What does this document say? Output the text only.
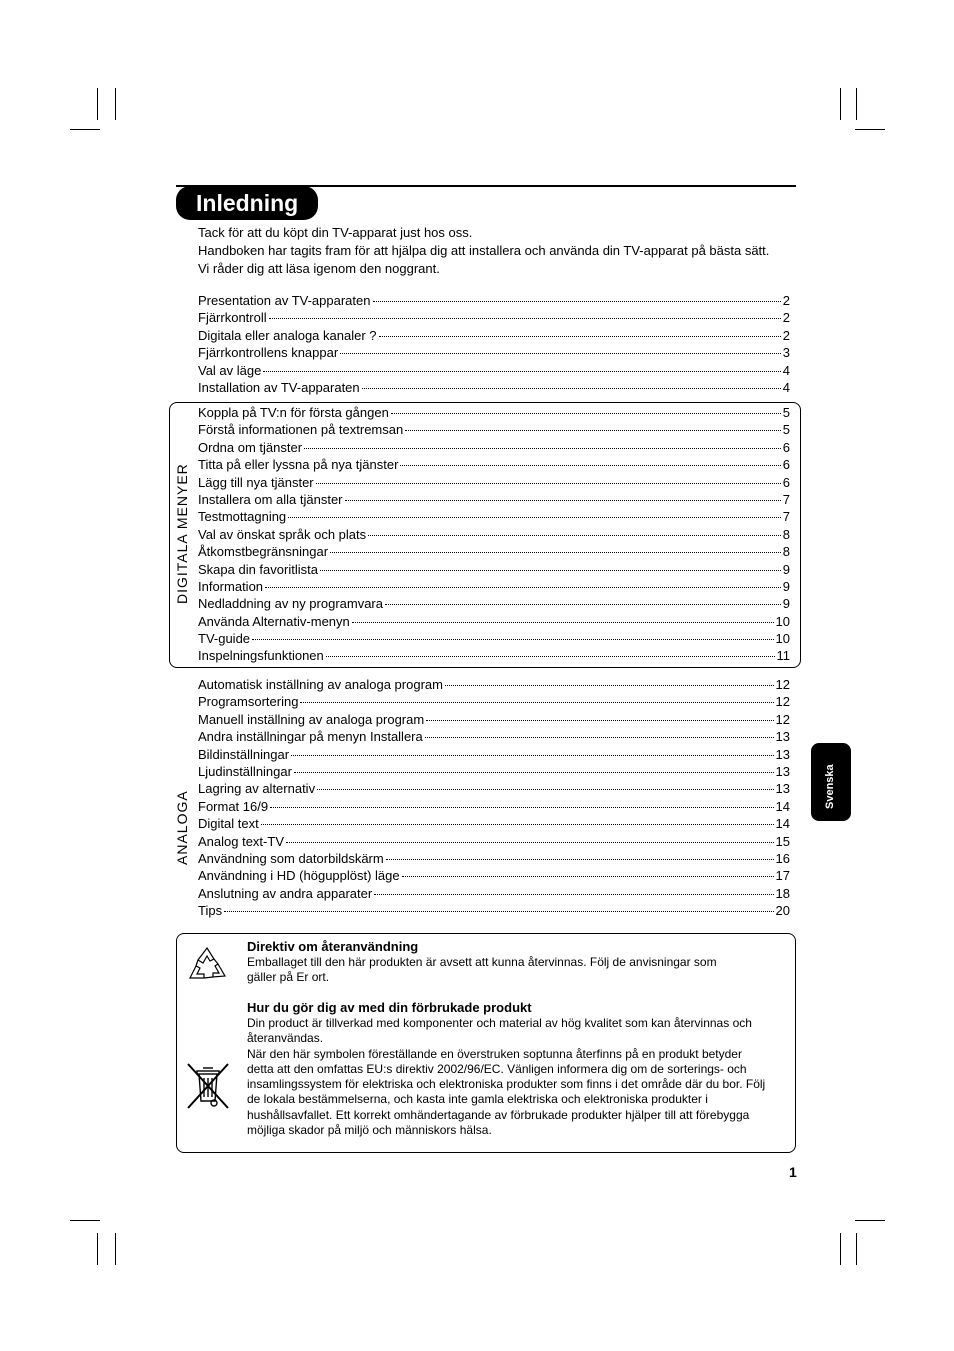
Inledning
Tack för att du köpt din TV-apparat just hos oss.
Handboken har tagits fram för att hjälpa dig att installera och använda din TV-apparat på bästa sätt.
Vi råder dig att läsa igenom den noggrant.
Presentation av TV-apparaten	2
Fjärrkontroll	2
Digitala eller analoga kanaler ?	2
Fjärrkontrollens knappar	3
Val av läge	4
Installation av TV-apparaten	4
DIGITALA MENYER
Koppla på TV:n för första gången	5
Förstå informationen på textremsan	5
Ordna om tjänster	6
Titta på eller lyssna på nya tjänster	6
Lägg till nya tjänster	6
Installera om alla tjänster	7
Testmottagning	7
Val av önskat språk och plats	8
Åtkomstbegränsningar	8
Skapa din favoritlista	9
Information	9
Nedladdning av ny programvara	9
Använda Alternativ-menyn	10
TV-guide	10
Inspelningsfunktionen	11
ANALOGA
Automatisk inställning av analoga program	12
Programsortering	12
Manuell inställning av analoga program	12
Andra inställningar på menyn Installera	13
Bildinställningar	13
Ljudinställningar	13
Lagring av alternativ	13
Format 16/9	14
Digital text	14
Analog text-TV	15
Användning som datorbildskärm	16
Användning i HD (högupplöst) läge	17
Anslutning av andra apparater	18
Tips	20
Svenska
Direktiv om återanvändning

Emballaget till den här produkten är avsett att kunna återvinnas. Följ de anvisningar som

gäller på Er ort.

Hur du gör dig av med din förbrukade produkt

Din product är tillverkad med komponenter och material av hög kvalitet som kan återvinnas och

återanvändas.

När den här symbolen föreställande en överstruken soptunna återfinns på en produkt betyder

detta att den omfattas EU:s direktiv 2002/96/EC. Vänligen informera dig om de sorterings- och

insamlingssystem för elektriska och elektroniska produkter som finns i det område där du bor. Följ

de lokala bestämmelserna, och kasta inte gamla elektriska och elektroniska produkter i

hushållsavfallet. Ett korrekt omhändertagande av förbrukade produkter hjälper till att förebygga

möjliga skador på miljö och människors hälsa.

1
